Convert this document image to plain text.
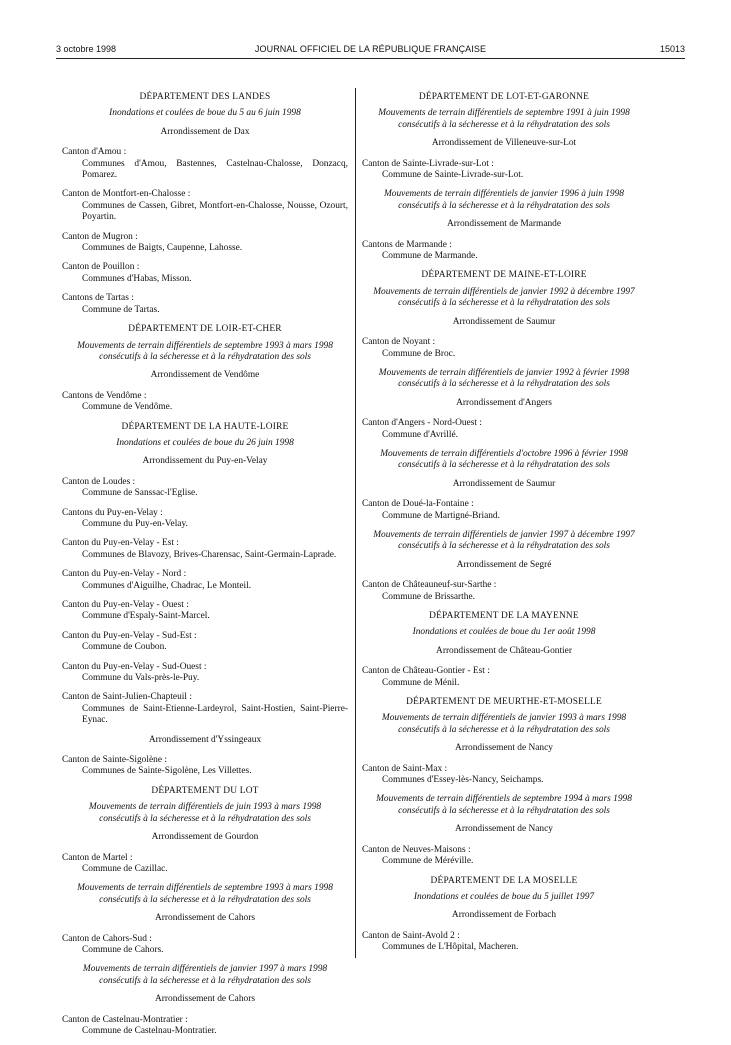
3 octobre 1998	JOURNAL OFFICIEL DE LA RÉPUBLIQUE FRANÇAISE	15013
DÉPARTEMENT DES LANDES
Inondations et coulées de boue du 5 au 6 juin 1998
Arrondissement de Dax
Canton d'Amou :
Communes d'Amou, Bastennes, Castelnau-Chalosse, Donzacq, Pomarez.
Canton de Montfort-en-Chalosse :
Communes de Cassen, Gibret, Montfort-en-Chalosse, Nousse, Ozourt, Poyartin.
Canton de Mugron :
Communes de Baigts, Caupenne, Lahosse.
Canton de Pouillon :
Communes d'Habas, Misson.
Cantons de Tartas :
Commune de Tartas.
DÉPARTEMENT DE LOIR-ET-CHER
Mouvements de terrain différentiels de septembre 1993 à mars 1998 consécutifs à la sécheresse et à la réhydratation des sols
Arrondissement de Vendôme
Cantons de Vendôme :
Commune de Vendôme.
DÉPARTEMENT DE LA HAUTE-LOIRE
Inondations et coulées de boue du 26 juin 1998
Arrondissement du Puy-en-Velay
Canton de Loudes :
Commune de Sanssac-l'Eglise.
Cantons du Puy-en-Velay :
Commune du Puy-en-Velay.
Canton du Puy-en-Velay - Est :
Communes de Blavozy, Brives-Charensac, Saint-Germain-Laprade.
Canton du Puy-en-Velay - Nord :
Communes d'Aiguilhe, Chadrac, Le Monteil.
Canton du Puy-en-Velay - Ouest :
Commune d'Espaly-Saint-Marcel.
Canton du Puy-en-Velay - Sud-Est :
Commune de Coubon.
Canton du Puy-en-Velay - Sud-Ouest :
Commune du Vals-près-le-Puy.
Canton de Saint-Julien-Chapteuil :
Communes de Saint-Etienne-Lardeyrol, Saint-Hostien, Saint-Pierre-Eynac.
Arrondissement d'Yssingeaux
Canton de Sainte-Sigolène :
Communes de Sainte-Sigolène, Les Villettes.
DÉPARTEMENT DU LOT
Mouvements de terrain différentiels de juin 1993 à mars 1998 consécutifs à la sécheresse et à la réhydratation des sols
Arrondissement de Gourdon
Canton de Martel :
Commune de Cazillac.
Mouvements de terrain différentiels de septembre 1993 à mars 1998 consécutifs à la sécheresse et à la réhydratation des sols
Arrondissement de Cahors
Canton de Cahors-Sud :
Commune de Cahors.
Mouvements de terrain différentiels de janvier 1997 à mars 1998 consécutifs à la sécheresse et à la réhydratation des sols
Arrondissement de Cahors
Canton de Castelnau-Montratier :
Commune de Castelnau-Montratier.
DÉPARTEMENT DE LOT-ET-GARONNE
Mouvements de terrain différentiels de septembre 1991 à juin 1998 consécutifs à la sécheresse et à la réhydratation des sols
Arrondissement de Villeneuve-sur-Lot
Canton de Sainte-Livrade-sur-Lot :
Commune de Sainte-Livrade-sur-Lot.
Mouvements de terrain différentiels de janvier 1996 à juin 1998 consécutifs à la sécheresse et à la réhydratation des sols
Arrondissement de Marmande
Cantons de Marmande :
Commune de Marmande.
DÉPARTEMENT DE MAINE-ET-LOIRE
Mouvements de terrain différentiels de janvier 1992 à décembre 1997 consécutifs à la sécheresse et à la réhydratation des sols
Arrondissement de Saumur
Canton de Noyant :
Commune de Broc.
Mouvements de terrain différentiels de janvier 1992 à février 1998 consécutifs à la sécheresse et à la réhydratation des sols
Arrondissement d'Angers
Canton d'Angers - Nord-Ouest :
Commune d'Avrillé.
Mouvements de terrain différentiels d'octobre 1996 à février 1998 consécutifs à la sécheresse et à la réhydratation des sols
Arrondissement de Saumur
Canton de Doué-la-Fontaine :
Commune de Martigné-Briand.
Mouvements de terrain différentiels de janvier 1997 à décembre 1997 consécutifs à la sécheresse et à la réhydratation des sols
Arrondissement de Segré
Canton de Châteauneuf-sur-Sarthe :
Commune de Brissarthe.
DÉPARTEMENT DE LA MAYENNE
Inondations et coulées de boue du 1er août 1998
Arrondissement de Château-Gontier
Canton de Château-Gontier - Est :
Commune de Ménil.
DÉPARTEMENT DE MEURTHE-ET-MOSELLE
Mouvements de terrain différentiels de janvier 1993 à mars 1998 consécutifs à la sécheresse et à la réhydratation des sols
Arrondissement de Nancy
Canton de Saint-Max :
Communes d'Essey-lès-Nancy, Seichamps.
Mouvements de terrain différentiels de septembre 1994 à mars 1998 consécutifs à la sécheresse et à la réhydratation des sols
Arrondissement de Nancy
Canton de Neuves-Maisons :
Commune de Méréville.
DÉPARTEMENT DE LA MOSELLE
Inondations et coulées de boue du 5 juillet 1997
Arrondissement de Forbach
Canton de Saint-Avold 2 :
Communes de L'Hôpital, Macheren.
